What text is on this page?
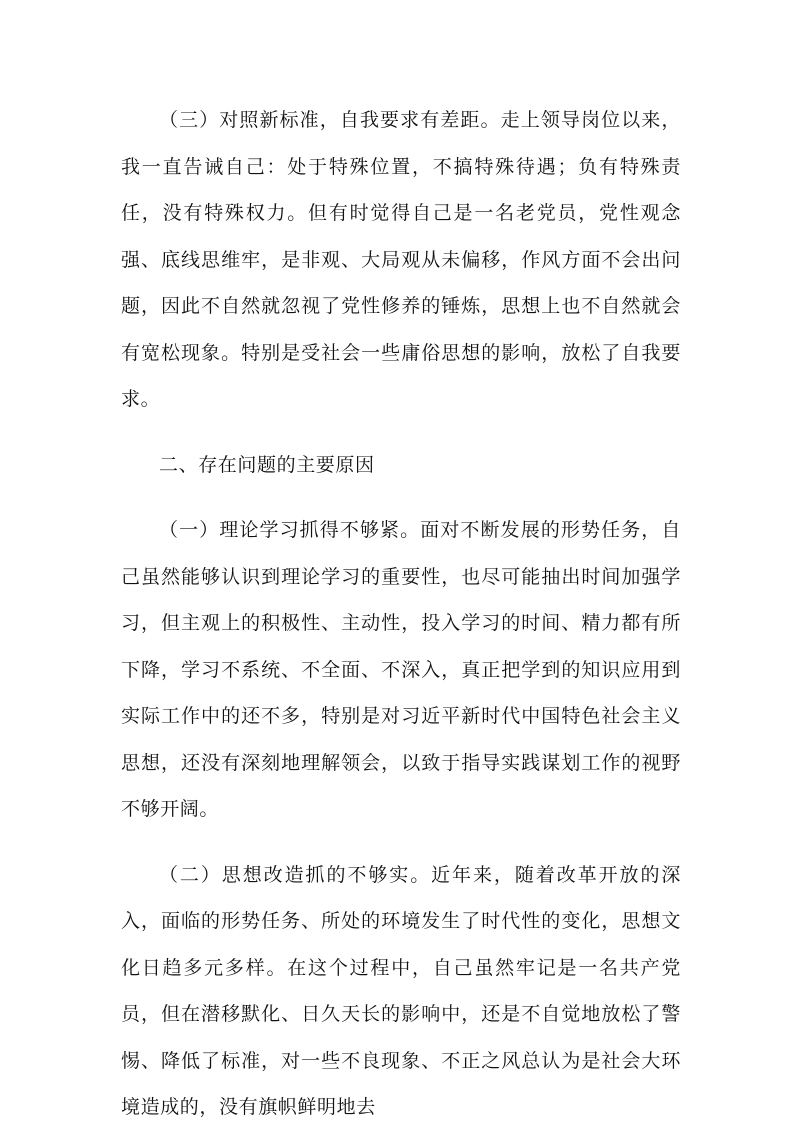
（三）对照新标准，自我要求有差距。走上领导岗位以来，我一直告诫自己：处于特殊位置，不搞特殊待遇；负有特殊责任，没有特殊权力。但有时觉得自己是一名老党员，党性观念强、底线思维牢，是非观、大局观从未偏移，作风方面不会出问题，因此不自然就忽视了党性修养的锤炼，思想上也不自然就会有宽松现象。特别是受社会一些庸俗思想的影响，放松了自我要求。

二、存在问题的主要原因

（一）理论学习抓得不够紧。面对不断发展的形势任务，自己虽然能够认识到理论学习的重要性，也尽可能抽出时间加强学习，但主观上的积极性、主动性，投入学习的时间、精力都有所下降，学习不系统、不全面、不深入，真正把学到的知识应用到实际工作中的还不多，特别是对习近平新时代中国特色社会主义思想，还没有深刻地理解领会，以致于指导实践谋划工作的视野不够开阔。

（二）思想改造抓的不够实。近年来，随着改革开放的深入，面临的形势任务、所处的环境发生了时代性的变化，思想文化日趋多元多样。在这个过程中，自己虽然牢记是一名共产党员，但在潜移默化、日久天长的影响中，还是不自觉地放松了警惕、降低了标准，对一些不良现象、不正之风总认为是社会大环境造成的，没有旗帜鲜明地去
